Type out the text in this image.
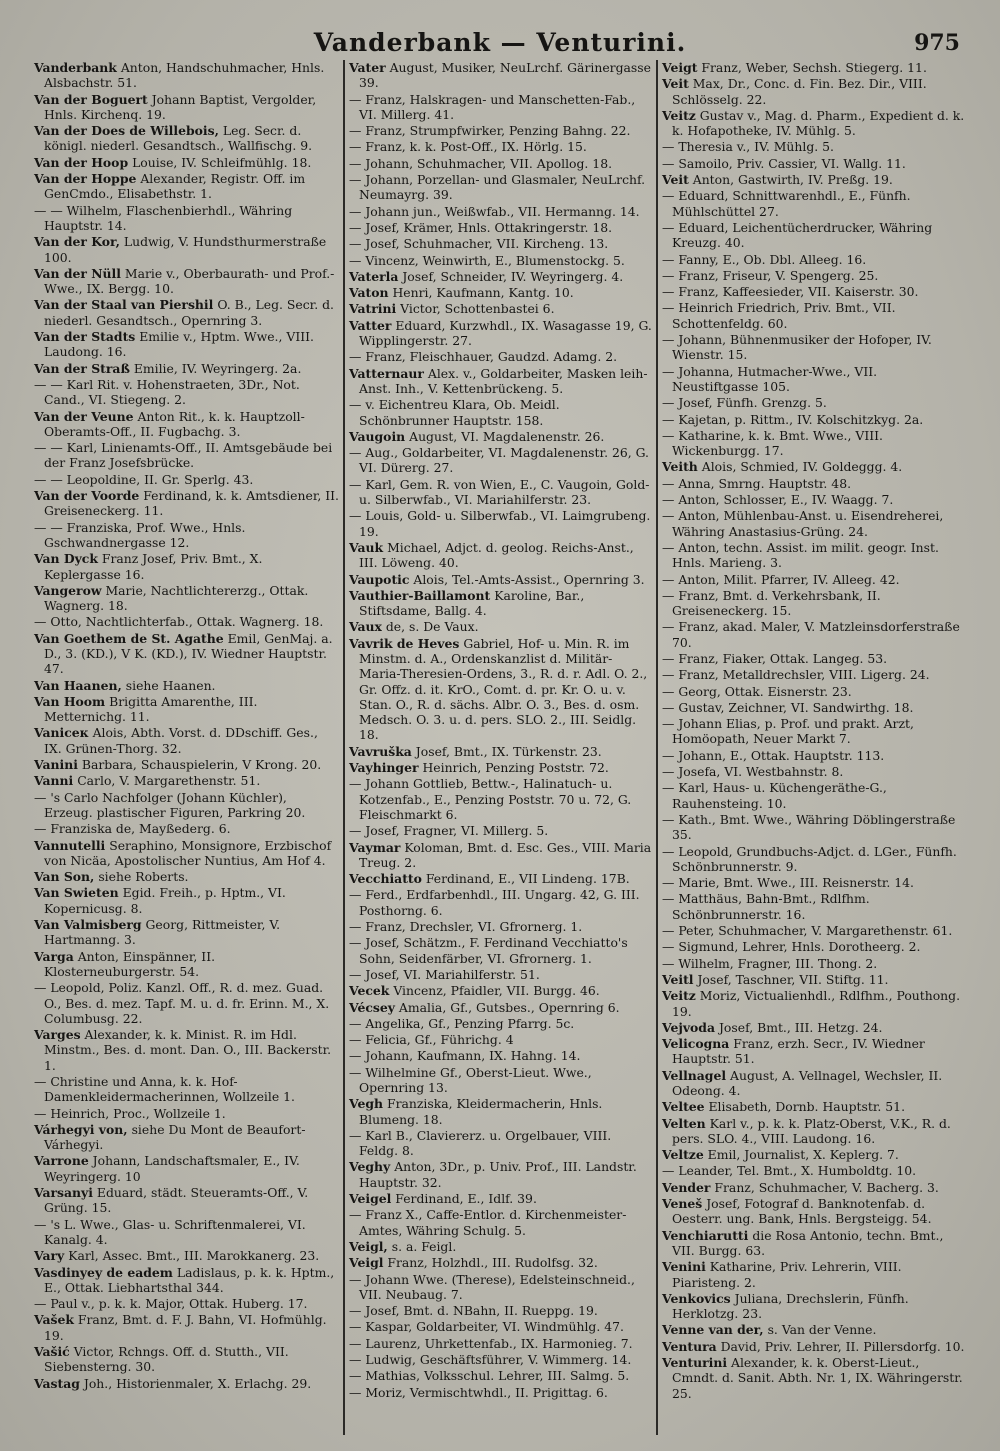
Vanderbank — Venturini.	975
Vanderbank Anton, Handschuhmacher, Hnls. Alsbachstr. 51.
Van der Boguert Johann Baptist, Vergolder, Hnls. Kirchenq. 19.
Van der Does de Willebois, Leg. Secr. d. königl. niederl. Gesandtsch., Wallfischg. 9.
Van der Hoop Louise, IV. Schleifmühlg. 18.
Van der Hoppe Alexander, Registr. Off. im GenCmdo., Elisabethstr. 1.
— — Wilhelm, Flaschenbierhdl., Währing Hauptstr. 14.
Van der Kor, Ludwig, V. Hundsthurmerstraße 100.
Van der Nüll Marie v., Oberbaurath- und Prof.-Wwe., IX. Bergg. 10.
Van der Staal van Piershil O. B., Leg. Secr. d. niederl. Gesandtsch., Opernring 3.
Van der Stadts Emilie v., Hptm. Wwe., VIII. Laudong. 16.
Van der Straß Emilie, IV. Weyringerg. 2a.
— — Karl Rit. v. Hohenstraeten, 3Dr., Not. Cand., VI. Stiegeng. 2.
Van der Veune Anton Rit., k. k. Hauptzoll-Oberamts-Off., II. Fugbachg. 3.
— — Karl, Linienamts-Off., II. Amtsgebäude bei der Franz Josefsbrücke.
— — Leopoldine, II. Gr. Sperlg. 43.
Van der Voorde Ferdinand, k. k. Amtsdiener, II. Greiseneckerg. 11.
— — Franziska, Prof. Wwe., Hnls. Gschwandnergasse 12.
Van Dyck Franz Josef, Priv. Bmt., X. Keplergasse 16.
Vangerow Marie, Nachtlichtererzg., Ottak. Wagnerg. 18.
— Otto, Nachtlichterfab., Ottak. Wagnerg. 18.
Van Goethem de St. Agathe Emil, GenMaj. a. D., 3. (KD.), V K. (KD.), IV. Wiedner Hauptstr. 47.
Van Haanen, siehe Haanen.
Van Hoom Brigitta Amarenthe, III. Metternichg. 11.
Vaniceк Alois, Abth. Vorst. d. DDschiff. Ges., IX. Grünen-Thorg. 32.
Vanini Barbara, Schauspielerin, V Krong. 20.
Vanni Carlo, V. Margarethenstr. 51.
— 's Carlo Nachfolger (Johann Küchler), Erzeug. plastischer Figuren, Parkring 20.
— Franziska de, Mayßederg. 6.
Vannutelli Seraphino, Monsignore, Erzbischof von Nicäa, Apostolischer Nuntius, Am Hof 4.
Van Son, siehe Roberts.
Van Swieten Egid. Freih., p. Hptm., VI. Kopernicusg. 8.
Van Valmisberg Georg, Rittmeister, V. Hartmanng. 3.
Varga Anton, Einspänner, II. Klosterneuburgerstr. 54.
— Leopold, Poliz. Kanzl. Off., R. d. mez. Guad. O., Bes. d. mez. Tapf. M. u. d. fr. Erinn. M., X. Columbusg. 22.
Varges Alexander, k. k. Minist. R. im Hdl. Minstm., Bes. d. mont. Dan. O., III. Backerstr. 1.
— Christine und Anna, k. k. Hof-Damenkleidermacherinnen, Wollzeile 1.
— Heinrich, Proc., Wollzeile 1.
Várhegyi von, siehe Du Mont de Beaufort-Várhegyi.
Varrone Johann, Landschaftsmaler, E., IV. Weyringerg. 10
Varsanyi Eduard, städt. Steueramts-Off., V. Grüng. 15.
— 's L. Wwe., Glas- u. Schriftenmalerei, VI. Kanalg. 4.
Vary Karl, Assec. Bmt., III. Marokkanerg. 23.
Vasdinyey de eadem Ladislaus, p. k. k. Hptm., E., Ottak. Liebhartsthal 344.
— Paul v., p. k. k. Major, Ottak. Huberg. 17.
Vašek Franz, Bmt. d. F. J. Bahn, VI. Hofmühlg. 19.
Vašić Victor, Rchngs. Off. d. Stutth., VII. Siebensterng. 30.
Vastag Joh., Historienmaler, X. Erlachg. 29.
Vater August, Musiker, NeuLrchf. Gärinergasse 39.
— Franz, Halskragen- und Manschetten-Fab., VI. Millerg. 41.
— Franz, Strumpfwirker, Penzing Bahng. 22.
— Franz, k. k. Post-Off., IX. Hörlg. 15.
— Johann, Schuhmacher, VII. Apollog. 18.
— Johann, Porzellan- und Glasmaler, NeuLrchf. Neumayrg. 39.
— Johann jun., Weißwfab., VII. Hermanng. 14.
— Josef, Krämer, Hnls. Ottakringerstr. 18.
— Josef, Schuhmacher, VII. Kircheng. 13.
— Vincenz, Weinwirth, E., Blumenstockg. 5.
Vaterla Josef, Schneider, IV. Weyringerg. 4.
Vaton Henri, Kaufmann, Kantg. 10.
Vatrini Victor, Schottenbastei 6.
Vatter Eduard, Kurzwhdl., IX. Wasagasse 19, G. Wipplingerstr. 27.
— Franz, Fleischhauer, Gaudzd. Adamg. 2.
Vatternaur Alex. v., Goldarbeiter, Masken leih-Anst. Inh., V. Kettenbrückeng. 5.
— v. Eichentreu Klara, Ob. Meidl. Schönbrunner Hauptstr. 158.
Vaugoin August, VI. Magdalenenstr. 26.
— Aug., Goldarbeiter, VI. Magdalenenstr. 26, G. VI. Dürerg. 27.
— Karl, Gem. R. von Wien, E., C. Vaugoin, Gold- u. Silberwfab., VI. Mariahilferstr. 23.
— Louis, Gold- u. Silberwfab., VI. Laimgrubeng. 19.
Vauk Michael, Adjct. d. geolog. Reichs-Anst., III. Löweng. 40.
Vaupotic Alois, Tel.-Amts-Assist., Opernring 3.
Vauthier-Baillamont Karoline, Bar., Stiftsdame, Ballg. 4.
Vaux de, s. De Vaux.
Vavrik de Heves Gabriel, Hof- u. Min. R. im Minstm. d. A., Ordenskanzlist d. Militär-Maria-Theresien-Ordens, 3., R. d. r. Adl. O. 2., Gr. Offz. d. it. KrO., Comt. d. pr. Kr. O. u. v. Stan. O., R. d. sächs. Albr. O. 3., Bes. d. osm. Medsch. O. 3. u. d. pers. SLO. 2., III. Seidlg. 18.
Vavruška Josef, Bmt., IX. Türkenstr. 23.
Vayhinger Heinrich, Penzing Poststr. 72.
— Johann Gottlieb, Bettw.-, Halinatuch- u. Kotzenfab., E., Penzing Poststr. 70 u. 72, G. Fleischmarkt 6.
— Josef, Fragner, VI. Millerg. 5.
Vaymar Koloman, Bmt. d. Esc. Ges., VIII. Maria Treug. 2.
Vecchiatto Ferdinand, E., VII Lindeng. 17B.
— Ferd., Erdfarbenhdl., III. Ungarg. 42, G. III. Posthorng. 6.
— Franz, Drechsler, VI. Gfrornerg. 1.
— Josef, Schätzm., F. Ferdinand Vecchiatto's Sohn, Seidenfärber, VI. Gfrornerg. 1.
— Josef, VI. Mariahilferstr. 51.
Vecek Vincenz, Pfaidler, VII. Burgg. 46.
Vécsey Amalia, Gf., Gutsbes., Opernring 6.
— Angelika, Gf., Penzing Pfarrg. 5c.
— Felicia, Gf., Führichg. 4
— Johann, Kaufmann, IX. Hahng. 14.
— Wilhelmine Gf., Oberst-Lieut. Wwe., Opernring 13.
Vegh Franziska, Kleidermacherin, Hnls. Blumeng. 18.
— Karl B., Claviererz. u. Orgelbauer, VIII. Feldg. 8.
Veghy Anton, 3Dr., p. Univ. Prof., III. Landstr. Hauptstr. 32.
Veigel Ferdinand, E., Idlf. 39.
— Franz X., Caffe-Entlor. d. Kirchenmeister-Amtes, Währing Schulg. 5.
Veigl, s. a. Feigl.
Veigl Franz, Holzhdl., III. Rudolfsg. 32.
— Johann Wwe. (Therese), Edelsteinschneid., VII. Neubaug. 7.
— Josef, Bmt. d. NBahn, II. Rueppg. 19.
— Kaspar, Goldarbeiter, VI. Windmühlg. 47.
— Laurenz, Uhrkettenfab., IX. Harmonieg. 7.
— Ludwig, Geschäftsführer, V. Wimmerg. 14.
— Mathias, Volksschul. Lehrer, III. Salmg. 5.
— Moriz, Vermischtwhdl., II. Prigittag. 6.
Veigt Franz, Weber, Sechsh. Stiegerg. 11.
Veit Max, Dr., Conc. d. Fin. Bez. Dir., VIII. Schlösselg. 22.
Veitz Gustav v., Mag. d. Pharm., Expedient d. k. k. Hofapotheke, IV. Mühlg. 5.
— Theresia v., IV. Mühlg. 5.
— Samoilo, Priv. Cassier, VI. Wallg. 11.
Veit Anton, Gastwirth, IV. Preßg. 19.
— Eduard, Schnittwarenhdl., E., Fünfh. Mühlschüttel 27.
— Eduard, Leichentücherdrucker, Währing Kreuzg. 40.
— Fanny, E., Ob. Dbl. Alleeg. 16.
— Franz, Friseur, V. Spengerg. 25.
— Franz, Kaffeesieder, VII. Kaiserstr. 30.
— Heinrich Friedrich, Priv. Bmt., VII. Schottenfeldg. 60.
— Johann, Bühnenmusiker der Hofoper, IV. Wienstr. 15.
— Johanna, Hutmacher-Wwe., VII. Neustiftgasse 105.
— Josef, Fünfh. Grenzg. 5.
— Kajetan, p. Rittm., IV. Kolschitzkyg. 2a.
— Katharine, k. k. Bmt. Wwe., VIII. Wickenburgg. 17.
Veith Alois, Schmied, IV. Goldeggg. 4.
— Anna, Smrng. Hauptstr. 48.
— Anton, Schlosser, E., IV. Waagg. 7.
— Anton, Mühlenbau-Anst. u. Eisendreherei, Währing Anastasius-Grüng. 24.
— Anton, techn. Assist. im milit. geogr. Inst. Hnls. Marieng. 3.
— Anton, Milit. Pfarrer, IV. Alleeg. 42.
— Franz, Bmt. d. Verkehrsbank, II. Greiseneckerg. 15.
— Franz, akad. Maler, V. Matzleinsdorferstraße 70.
— Franz, Fiaker, Ottak. Langeg. 53.
— Franz, Metalldrechsler, VIII. Ligerg. 24.
— Georg, Ottak. Eisnerstr. 23.
— Gustav, Zeichner, VI. Sandwirthg. 18.
— Johann Elias, p. Prof. und prakt. Arzt, Homöopath, Neuer Markt 7.
— Johann, E., Ottak. Hauptstr. 113.
— Josefa, VI. Westbahnstr. 8.
— Karl, Haus- u. Küchengeräthe-G., Rauhensteing. 10.
— Kath., Bmt. Wwe., Währing Döblingerstraße 35.
— Leopold, Grundbuchs-Adjct. d. LGer., Fünfh. Schönbrunnerstr. 9.
— Marie, Bmt. Wwe., III. Reisnerstr. 14.
— Matthäus, Bahn-Bmt., Rdlfhm. Schönbrunnerstr. 16.
— Peter, Schuhmacher, V. Margarethenstr. 61.
— Sigmund, Lehrer, Hnls. Dorotheerg. 2.
— Wilhelm, Fragner, III. Thong. 2.
Veitl Josef, Taschner, VII. Stiftg. 11.
Veitz Moriz, Victualienhdl., Rdlfhm., Pouthong. 19.
Vejvoda Josef, Bmt., III. Hetzg. 24.
Velicogna Franz, erzh. Secr., IV. Wiedner Hauptstr. 51.
Vellnagel August, A. Vellnagel, Wechsler, II. Odeong. 4.
Veltee Elisabeth, Dornb. Hauptstr. 51.
Velten Karl v., p. k. k. Platz-Oberst, V.K., R. d. pers. SLO. 4., VIII. Laudong. 16.
Veltze Emil, Journalist, X. Keplerg. 7.
— Leander, Tel. Bmt., X. Humboldtg. 10.
Vender Franz, Schuhmacher, V. Bacherg. 3.
Veneš Josef, Fotograf d. Banknotenfab. d. Oesterr. ung. Bank, Hnls. Bergsteigg. 54.
Venchiarutti die Rosa Antonio, techn. Bmt., VII. Burgg. 63.
Venini Katharine, Priv. Lehrerin, VIII. Piaristeng. 2.
Venkovics Juliana, Drechslerin, Fünfh. Herklotzg. 23.
Venne van der, s. Van der Venne.
Ventura David, Priv. Lehrer, II. Pillersdorfg. 10.
Venturini Alexander, k. k. Oberst-Lieut., Cmndt. d. Sanit. Abth. Nr. 1, IX. Währingerstr. 25.
